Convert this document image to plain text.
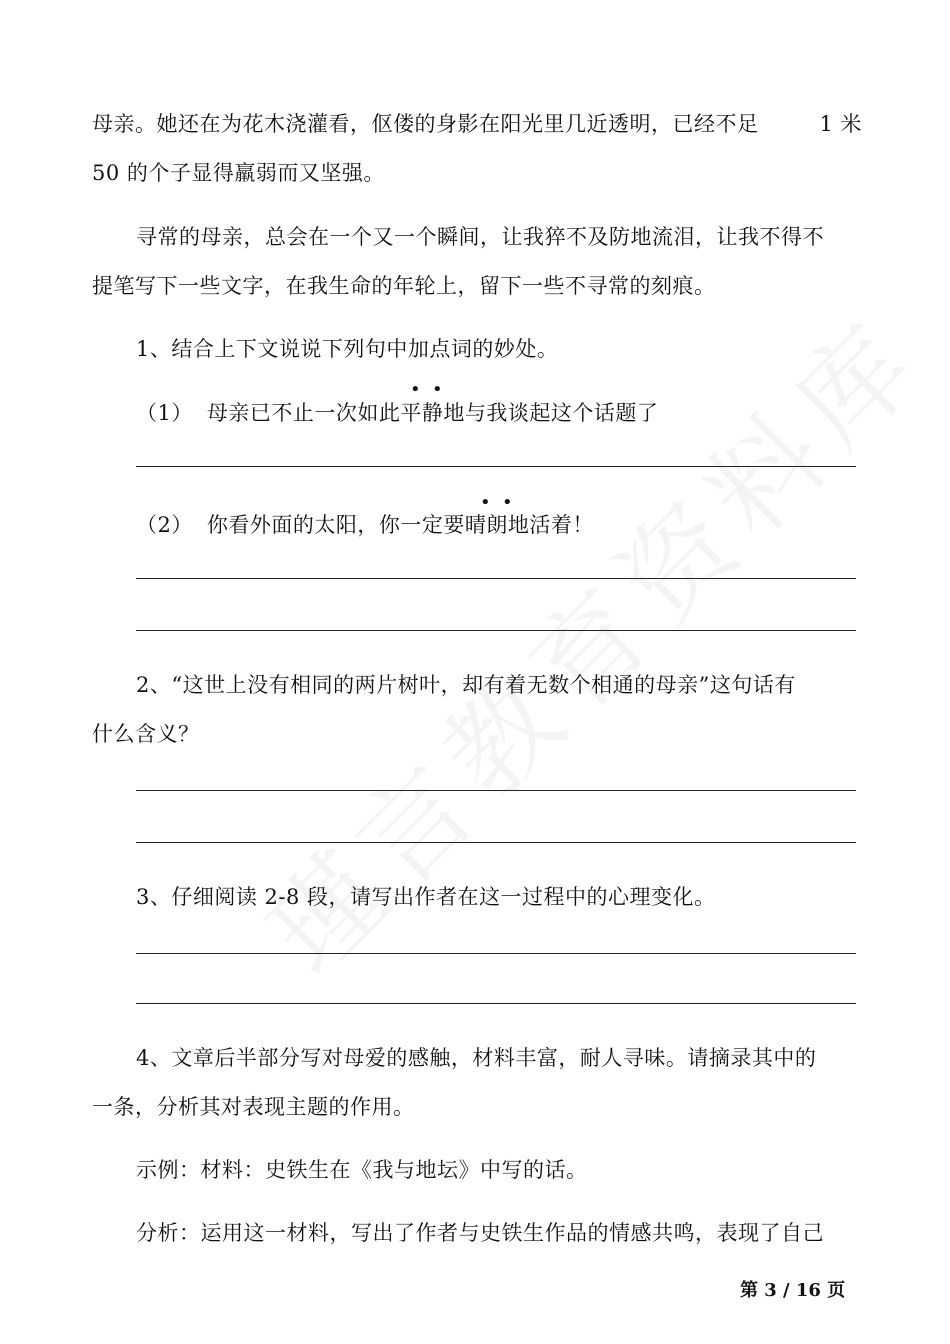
母亲。她还在为花木浇灌看，伛偻的身影在阳光里几近透明，已经不足	1 米
50 的个子显得羸弱而又坚强。
寻常的母亲，总会在一个又一个瞬间，让我猝不及防地流泪，让我不得不
提笔写下一些文字，在我生命的年轮上，留下一些不寻常的刻痕。
1、结合上下文说说下列句中加点词的妙处。
•  •
（1） 母亲已不止一次如此平静地与我谈起这个话题了
•  •
（2） 你看外面的太阳，你一定要晴朗地活着！
2、“这世上没有相同的两片树叶，却有着无数个相通的母亲”这句话有
什么含义？
3、仔细阅读 2-8 段，请写出作者在这一过程中的心理变化。
4、文章后半部分写对母爱的感触，材料丰富，耐人寻味。请摘录其中的
一条，分析其对表现主题的作用。
示例：材料：史铁生在《我与地坛》中写的话。
分析：运用这一材料，写出了作者与史铁生作品的情感共鸣，表现了自己
第 3 / 16 页
